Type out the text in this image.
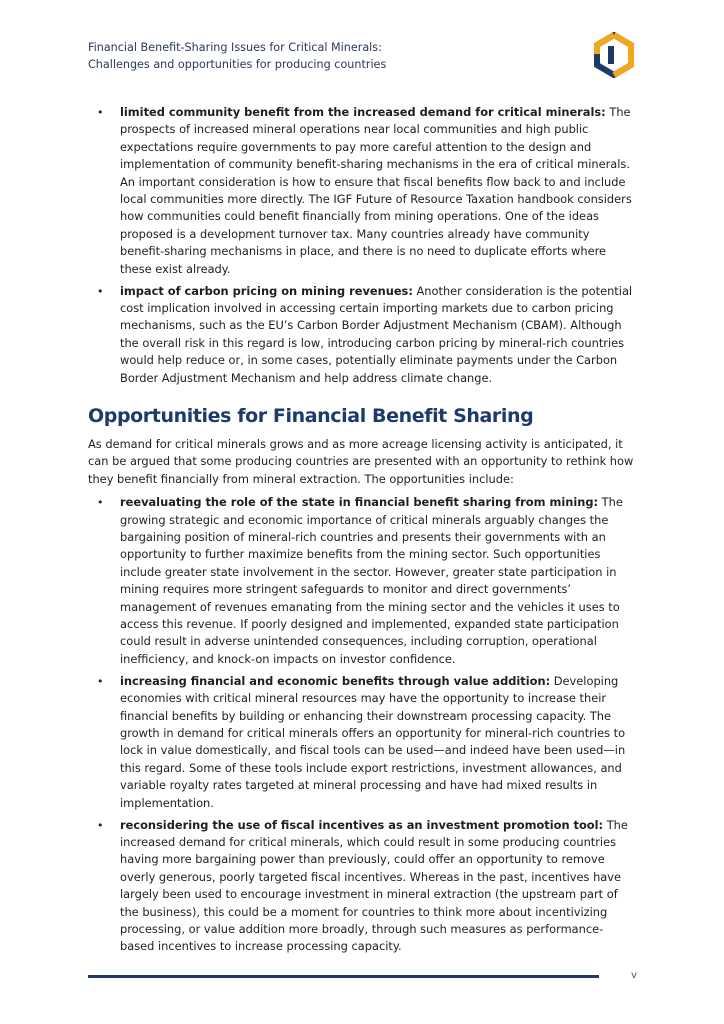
Financial Benefit-Sharing Issues for Critical Minerals:
Challenges and opportunities for producing countries
• limited community benefit from the increased demand for critical minerals: The prospects of increased mineral operations near local communities and high public expectations require governments to pay more careful attention to the design and implementation of community benefit-sharing mechanisms in the era of critical minerals. An important consideration is how to ensure that fiscal benefits flow back to and include local communities more directly. The IGF Future of Resource Taxation handbook considers how communities could benefit financially from mining operations. One of the ideas proposed is a development turnover tax. Many countries already have community benefit-sharing mechanisms in place, and there is no need to duplicate efforts where these exist already.
• impact of carbon pricing on mining revenues: Another consideration is the potential cost implication involved in accessing certain importing markets due to carbon pricing mechanisms, such as the EU’s Carbon Border Adjustment Mechanism (CBAM). Although the overall risk in this regard is low, introducing carbon pricing by mineral-rich countries would help reduce or, in some cases, potentially eliminate payments under the Carbon Border Adjustment Mechanism and help address climate change.
Opportunities for Financial Benefit Sharing

As demand for critical minerals grows and as more acreage licensing activity is anticipated, it can be argued that some producing countries are presented with an opportunity to rethink how they benefit financially from mineral extraction. The opportunities include:

• reevaluating the role of the state in financial benefit sharing from mining: The growing strategic and economic importance of critical minerals arguably changes the bargaining position of mineral-rich countries and presents their governments with an opportunity to further maximize benefits from the mining sector. Such opportunities include greater state involvement in the sector. However, greater state participation in mining requires more stringent safeguards to monitor and direct governments’ management of revenues emanating from the mining sector and the vehicles it uses to access this revenue. If poorly designed and implemented, expanded state participation could result in adverse unintended consequences, including corruption, operational inefficiency, and knock-on impacts on investor confidence.
• increasing financial and economic benefits through value addition: Developing economies with critical mineral resources may have the opportunity to increase their financial benefits by building or enhancing their downstream processing capacity. The growth in demand for critical minerals offers an opportunity for mineral-rich countries to lock in value domestically, and fiscal tools can be used—and indeed have been used—in this regard. Some of these tools include export restrictions, investment allowances, and variable royalty rates targeted at mineral processing and have had mixed results in implementation.
• reconsidering the use of fiscal incentives as an investment promotion tool: The increased demand for critical minerals, which could result in some producing countries having more bargaining power than previously, could offer an opportunity to remove overly generous, poorly targeted fiscal incentives. Whereas in the past, incentives have largely been used to encourage investment in mineral extraction (the upstream part of the business), this could be a moment for countries to think more about incentivizing processing, or value addition more broadly, through such measures as performance-based incentives to increase processing capacity.
v
